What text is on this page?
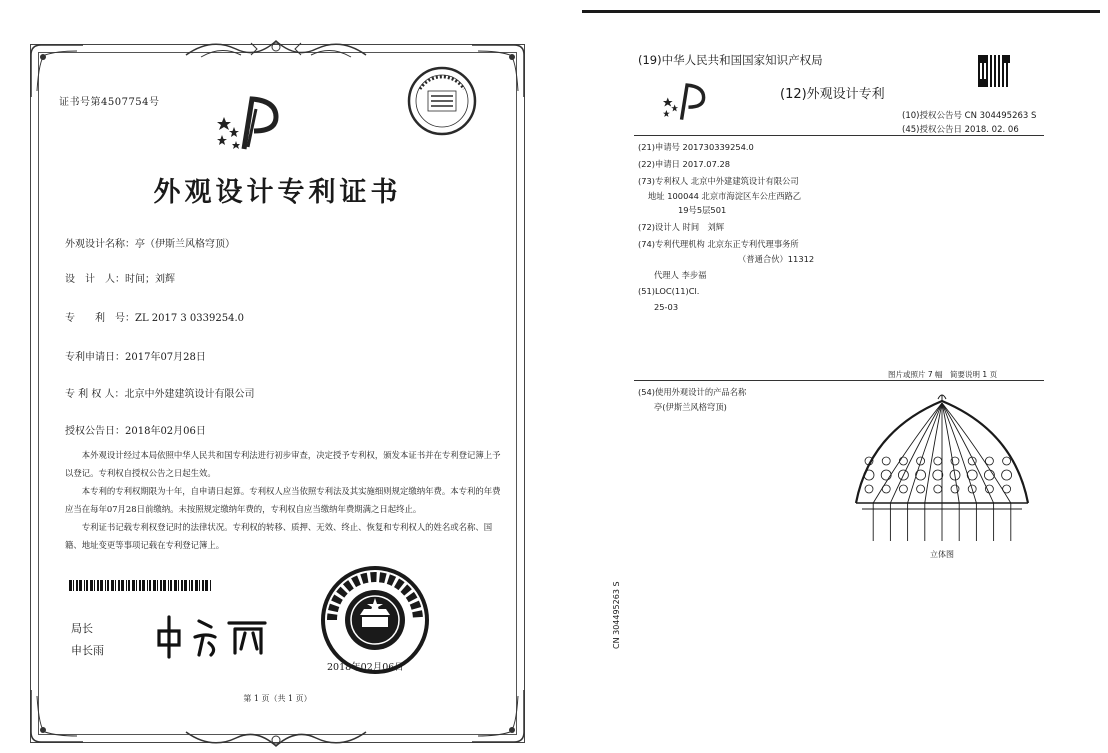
证书号第4507754号
外观设计专利证书
外观设计名称：亭（伊斯兰风格穹顶）
设　计　人：时间；刘辉
专　　利　号：ZL 2017 3 0339254.0
专利申请日：2017年07月28日
专 利 权 人：北京中外建建筑设计有限公司
授权公告日：2018年02月06日

本外观设计经过本局依照中华人民共和国专利法进行初步审查，决定授予专利权，颁发本证书并在专利登记簿上予以登记。专利权自授权公告之日起生效。

本专利的专利权期限为十年，自申请日起算。专利权人应当依照专利法及其实施细则规定缴纳年费。本专利的年费应当在每年07月28日前缴纳。未按照规定缴纳年费的，专利权自应当缴纳年费期满之日起终止。

专利证书记载专利权登记时的法律状况。专利权的转移、质押、无效、终止、恢复和专利权人的姓名或名称、国籍、地址变更等事项记载在专利登记簿上。

局长
申长雨
2018年02月06日
第 1 页（共 1 页）
(19)中华人民共和国国家知识产权局
(12)外观设计专利
(10)授权公告号 CN 304495263 S
(45)授权公告日 2018. 02. 06
(21)申请号 201730339254.0
(22)申请日 2017.07.28
(73)专利权人 北京中外建建筑设计有限公司
地址 100044 北京市海淀区车公庄西路乙
19号5层501
(72)设计人 时间　刘辉
(74)专利代理机构 北京东正专利代理事务所
（普通合伙）11312
代理人 李步福
(51)LOC(11)Cl.
25-03
图片或照片 7 幅　简要说明 1 页
(54)使用外观设计的产品名称
亭(伊斯兰风格穹顶)
立体图
CN 304495263 S
